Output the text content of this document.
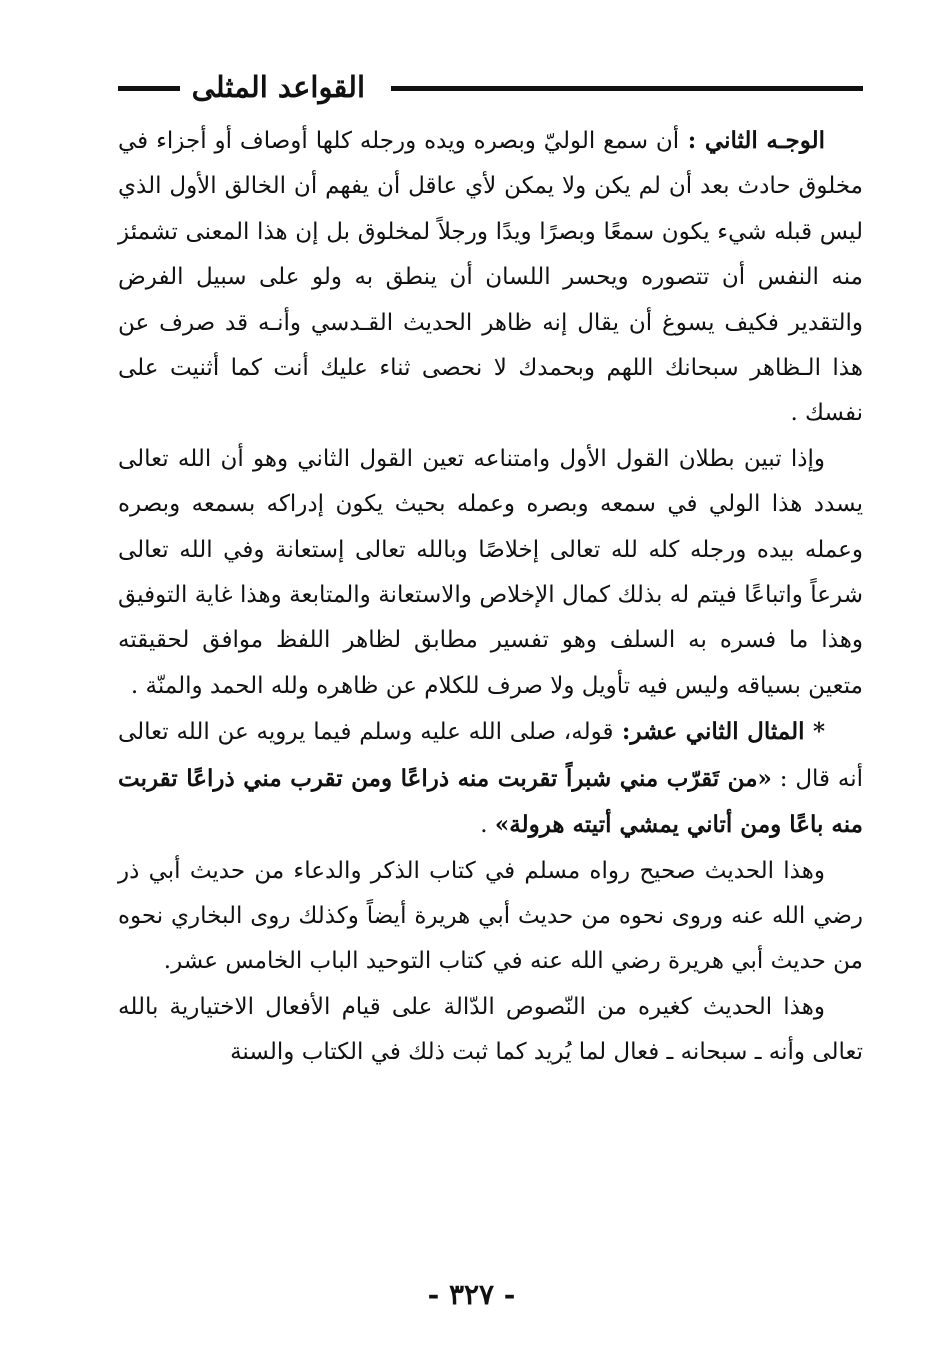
القواعد المثلى

الوجـه الثاني : أن سمع الوليّ وبصره ويده ورجله كلها أوصاف أو أجزاء في مخلوق حادث بعد أن لم يكن ولا يمكن لأي عاقل أن يفهم أن الخالق الأول الذي ليس قبله شيء يكون سمعًا وبصرًا ويدًا ورجلاً لمخلوق بل إن هذا المعنى تشمئز منه النفس أن تتصوره ويحسر اللسان أن ينطق به ولو على سبيل الفرض والتقدير فكيف يسوغ أن يقال إنه ظاهر الحديث القـدسي وأنـه قد صرف عن هذا الـظاهر سبحانك اللهم وبحمدك لا نحصى ثناء عليك أنت كما أثنيت على نفسك .

وإذا تبين بطلان القول الأول وامتناعه تعين القول الثاني وهو أن الله تعالى يسدد هذا الولي في سمعه وبصره وعمله بحيث يكون إدراكه بسمعه وبصره وعمله بيده ورجله كله لله تعالى إخلاصًا وبالله تعالى إستعانة وفي الله تعالى شرعاً واتباعًا فيتم له بذلك كمال الإخلاص والاستعانة والمتابعة وهذا غاية التوفيق وهذا ما فسره به السلف وهو تفسير مطابق لظاهر اللفظ موافق لحقيقته متعين بسياقه وليس فيه تأويل ولا صرف للكلام عن ظاهره ولله الحمد والمنّة .

* المثال الثاني عشر: قوله، صلى الله عليه وسلم فيما يرويه عن الله تعالى أنه قال : «من تَقرّب مني شبراً تقربت منه ذراعًا ومن تقرب مني ذراعًا تقربت منه باعًا ومن أتاني يمشي أتيته هرولة» .

وهذا الحديث صحيح رواه مسلم في كتاب الذكر والدعاء من حديث أبي ذر رضي الله عنه وروى نحوه من حديث أبي هريرة أيضاً وكذلك روى البخاري نحوه من حديث أبي هريرة رضي الله عنه في كتاب التوحيد الباب الخامس عشر.

وهذا الحديث كغيره من النّصوص الدّالة على قيام الأفعال الاختيارية بالله تعالى وأنه ـ سبحانه ـ فعال لما يُريد كما ثبت ذلك في الكتاب والسنة

- ٣٢٧ -
